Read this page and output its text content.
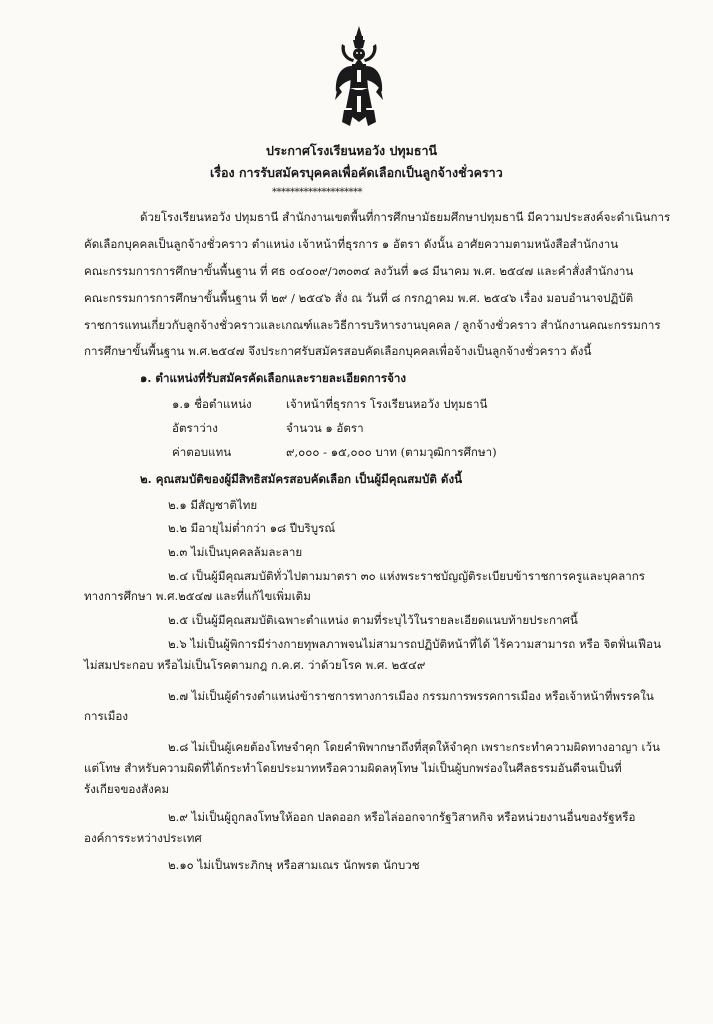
ประกาศโรงเรียนหอวัง ปทุมธานี
เรื่อง การรับสมัครบุคคลเพื่อคัดเลือกเป็นลูกจ้างชั่วคราว
********************
ด้วยโรงเรียนหอวัง ปทุมธานี สำนักงานเขตพื้นที่การศึกษามัธยมศึกษาปทุมธานี มีความประสงค์จะดำเนินการ
คัดเลือกบุคคลเป็นลูกจ้างชั่วคราว ตำแหน่ง เจ้าหน้าที่ธุรการ ๑ อัตรา ดังนั้น อาศัยความตามหนังสือสำนักงาน
คณะกรรมการการศึกษาขั้นพื้นฐาน ที่ ศธ ๐๔๐๐๙/ว๓๐๓๔ ลงวันที่ ๑๘ มีนาคม พ.ศ. ๒๕๔๗ และคำสั่งสำนักงาน
คณะกรรมการการศึกษาขั้นพื้นฐาน ที่ ๒๙ / ๒๕๔๖ สั่ง ณ วันที่ ๘ กรกฎาคม พ.ศ. ๒๕๔๖ เรื่อง มอบอำนาจปฏิบัติ
ราชการแทนเกี่ยวกับลูกจ้างชั่วคราวและเกณฑ์และวิธีการบริหารงานบุคคล / ลูกจ้างชั่วคราว สำนักงานคณะกรรมการ
การศึกษาขั้นพื้นฐาน พ.ศ.๒๕๔๗ จึงประกาศรับสมัครสอบคัดเลือกบุคคลเพื่อจ้างเป็นลูกจ้างชั่วคราว ดังนี้
๑. ตำแหน่งที่รับสมัครคัดเลือกและรายละเอียดการจ้าง
๑.๑ ชื่อตำแหน่ง	เจ้าหน้าที่ธุรการ โรงเรียนหอวัง ปทุมธานี
อัตราว่าง	จำนวน ๑ อัตรา
ค่าตอบแทน	๙,๐๐๐ - ๑๕,๐๐๐ บาท (ตามวุฒิการศึกษา)
๒. คุณสมบัติของผู้มีสิทธิสมัครสอบคัดเลือก เป็นผู้มีคุณสมบัติ ดังนี้
๒.๑ มีสัญชาติไทย
๒.๒ มีอายุไม่ต่ำกว่า ๑๘ ปีบริบูรณ์
๒.๓ ไม่เป็นบุคคลล้มละลาย
๒.๔ เป็นผู้มีคุณสมบัติทั่วไปตามมาตรา ๓๐ แห่งพระราชบัญญัติระเบียบข้าราชการครูและบุคลากร
ทางการศึกษา พ.ศ.๒๕๔๗ และที่แก้ไขเพิ่มเติม
๒.๕ เป็นผู้มีคุณสมบัติเฉพาะตำแหน่ง ตามที่ระบุไว้ในรายละเอียดแนบท้ายประกาศนี้
๒.๖ ไม่เป็นผู้พิการมีร่างกายทุพลภาพจนไม่สามารถปฏิบัติหน้าที่ได้ ไร้ความสามารถ หรือ จิตฟั่นเฟือน
ไม่สมประกอบ หรือไม่เป็นโรคตามกฎ ก.ค.ศ. ว่าด้วยโรค พ.ศ. ๒๕๔๙
๒.๗ ไม่เป็นผู้ดำรงตำแหน่งข้าราชการทางการเมือง กรรมการพรรคการเมือง หรือเจ้าหน้าที่พรรคใน
การเมือง
๒.๘ ไม่เป็นผู้เคยต้องโทษจำคุก โดยคำพิพากษาถึงที่สุดให้จำคุก เพราะกระทำความผิดทางอาญา เว้น
แต่โทษ สำหรับความผิดที่ได้กระทำโดยประมาทหรือความผิดลหุโทษ ไม่เป็นผู้บกพร่องในศีลธรรมอันดีจนเป็นที่
รังเกียจของสังคม
๒.๙ ไม่เป็นผู้ถูกลงโทษให้ออก ปลดออก หรือไล่ออกจากรัฐวิสาหกิจ หรือหน่วยงานอื่นของรัฐหรือ
องค์การระหว่างประเทศ
๒.๑๐ ไม่เป็นพระภิกษุ หรือสามเณร นักพรต นักบวช
